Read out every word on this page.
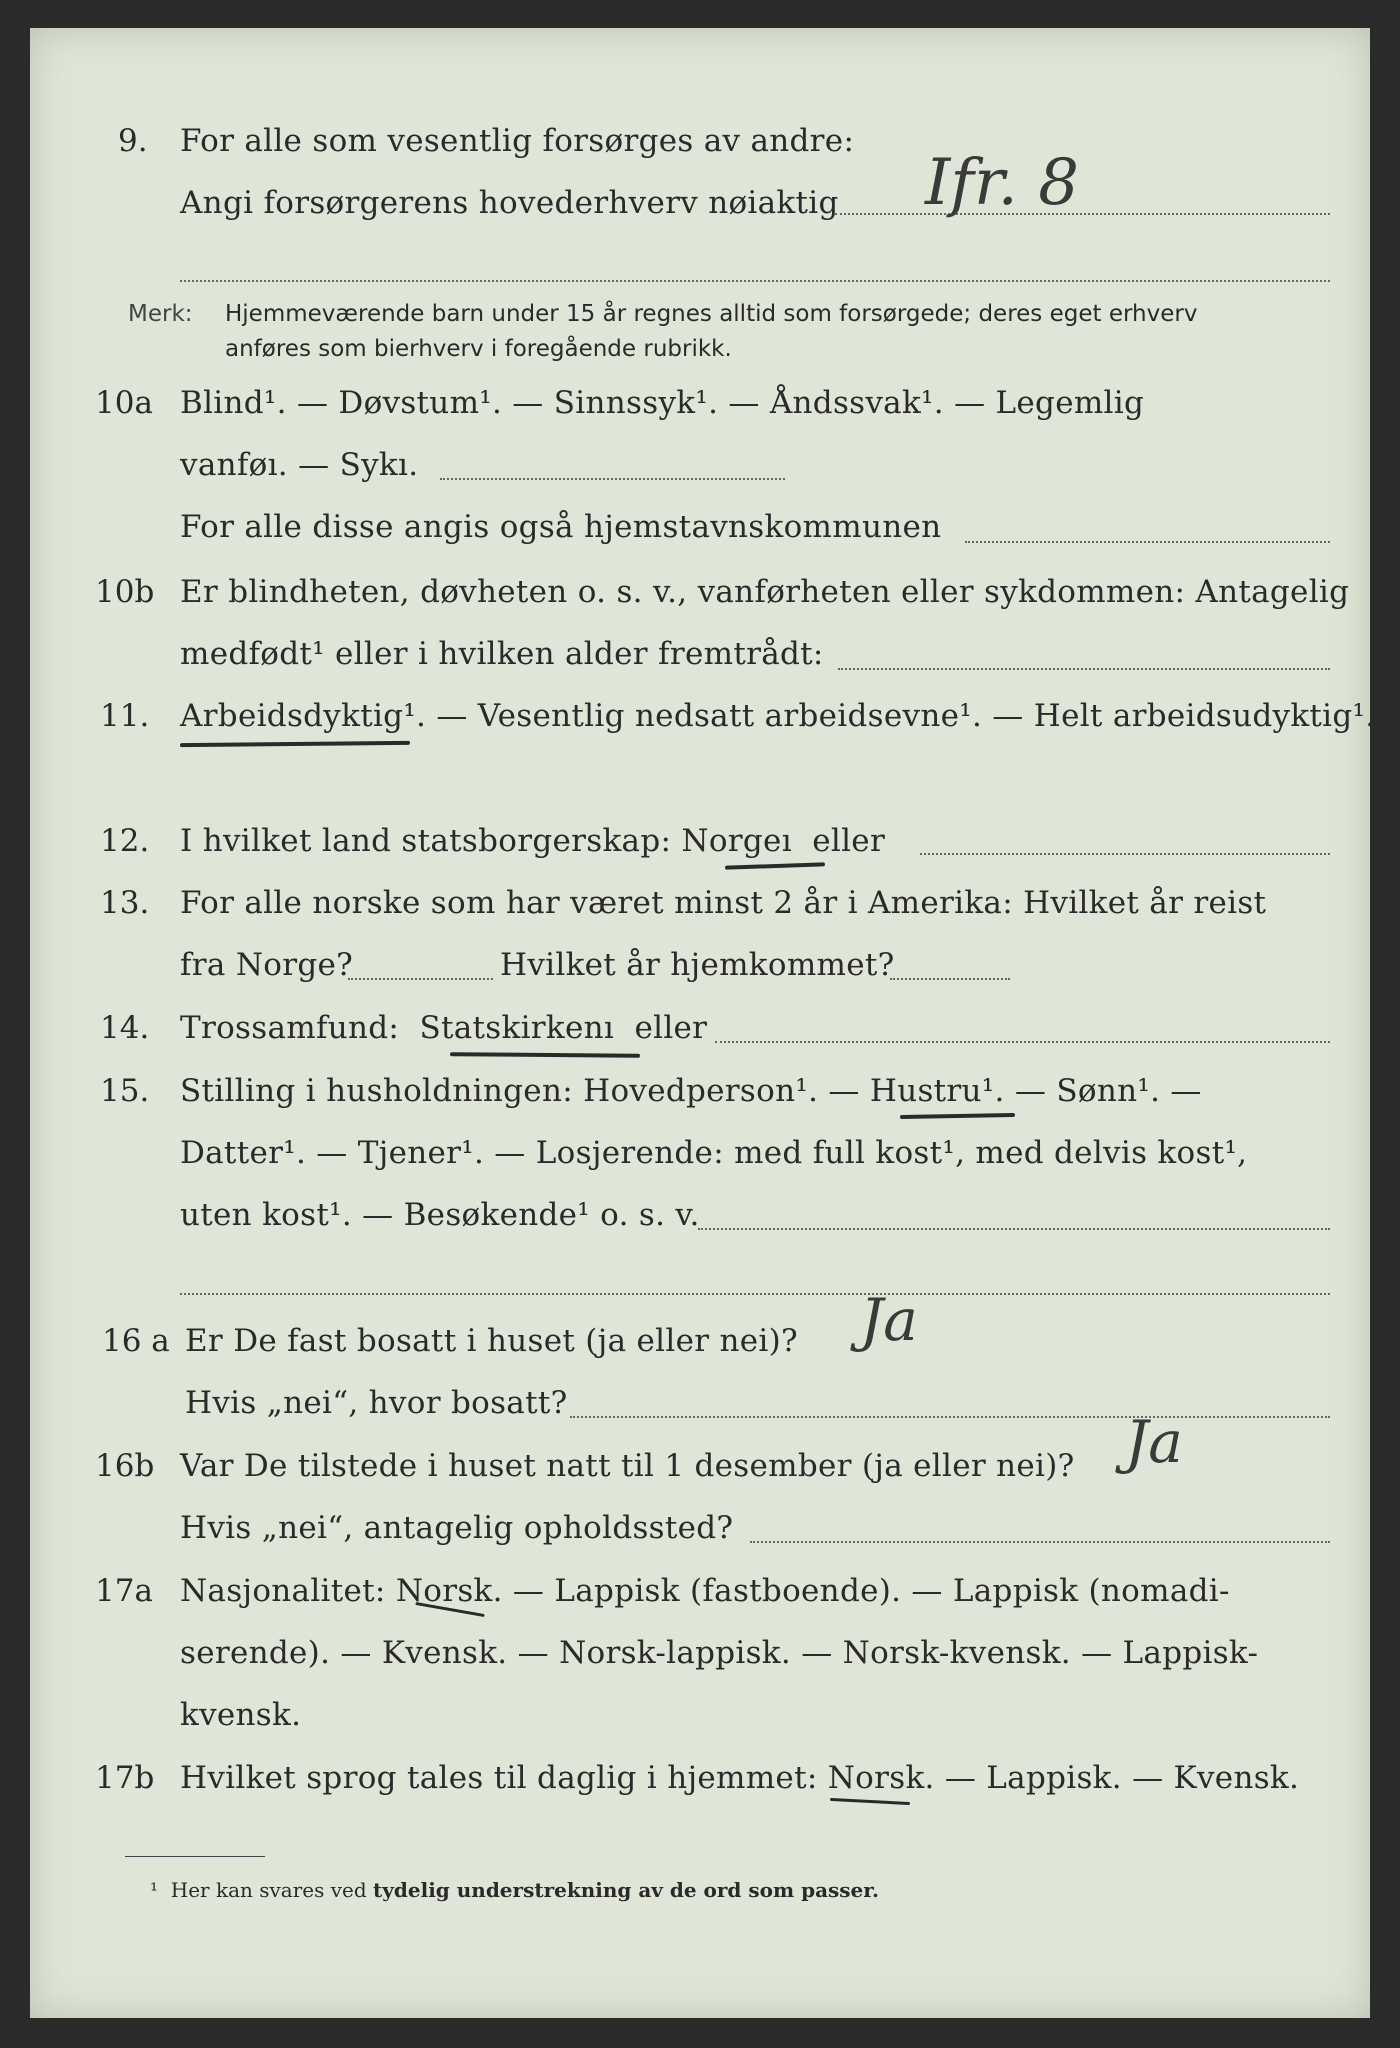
9. For alle som vesentlig forsørges av andre:
Angi forsørgerens hovederhverv nøiaktig Ifr. 8
Merk: Hjemmeværende barn under 15 år regnes alltid som forsørgede; deres eget erhverv
anføres som bierhverv i foregående rubrikk.
10a Blind¹. — Døvstum¹. — Sinnssyk¹. — Åndssvak¹. — Legemlig
vanføı. — Sykı.
For alle disse angis også hjemstavnskommunen
10b Er blindheten, døvheten o. s. v., vanførheten eller sykdommen: Antagelig
medfødt¹ eller i hvilken alder fremtrådt:
11. Arbeidsdyktig¹. — Vesentlig nedsatt arbeidsevne¹. — Helt arbeidsudyktig¹.
12. I hvilket land statsborgerskap: Norgeı eller
13. For alle norske som har været minst 2 år i Amerika: Hvilket år reist
fra Norge?	Hvilket år hjemkommet?
14. Trossamfund: Statskirkenı eller
15. Stilling i husholdningen: Hovedperson¹. — Hustru¹. — Sønn¹. —
Datter¹. — Tjener¹. — Losjerende: med full kost¹, med delvis kost¹,
uten kost¹. — Besøkende¹ o. s. v.
16 a Er De fast bosatt i huset (ja eller nei)? Ja
Hvis „nei“, hvor bosatt?
16b Var De tilstede i huset natt til 1 desember (ja eller nei)? Ja
Hvis „nei“, antagelig opholdssted?
17a Nasjonalitet: Norsk. — Lappisk (fastboende). — Lappisk (nomadi-
serende). — Kvensk. — Norsk-lappisk. — Norsk-kvensk. — Lappisk-
kvensk.
17b Hvilket sprog tales til daglig i hjemmet: Norsk. — Lappisk. — Kvensk.
¹ Her kan svares ved tydelig understrekning av de ord som passer.
